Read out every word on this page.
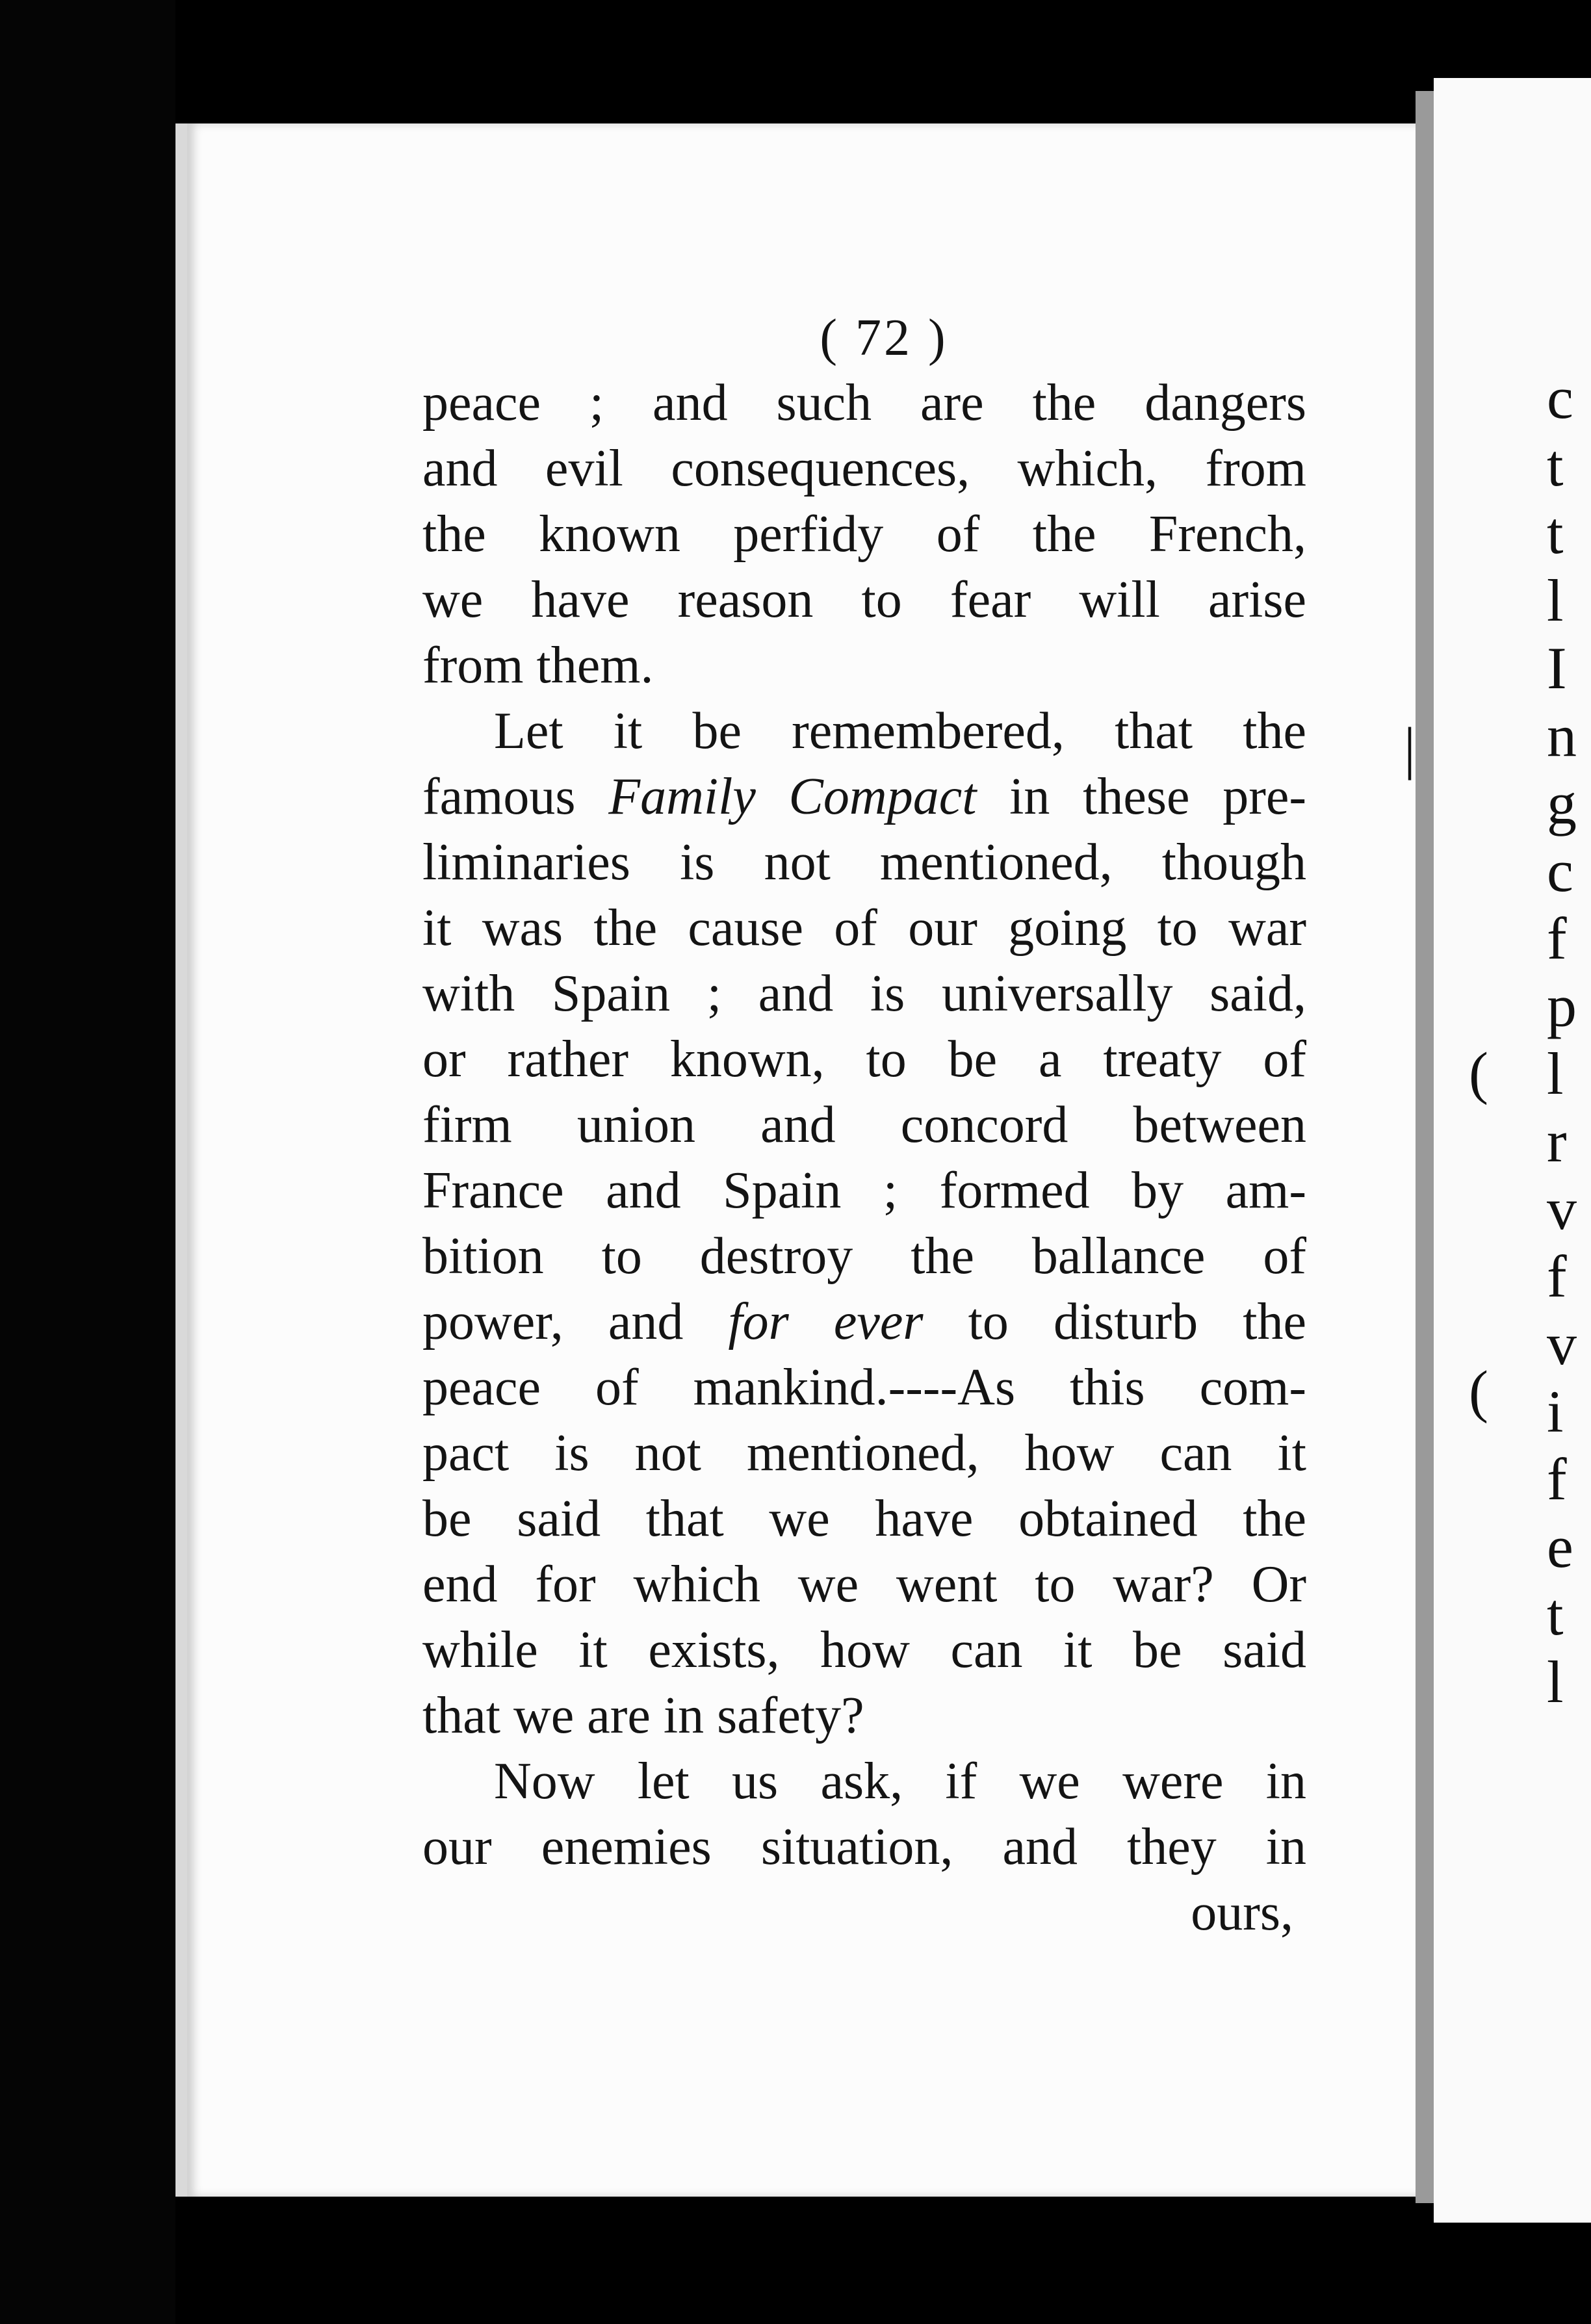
c
t
t
l
I
n
g
c
f
p
l
r
v
f
v
i
f
e
t
l
|
(
(
( 72 )
peace ; and such are the dangers
and evil consequences, which, from
the known perfidy of the French,
we have reason to fear will arise
from them.
Let it be remembered, that the
famous Family Compact in these pre-
liminaries is not mentioned, though
it was the cause of our going to war
with Spain ; and is universally said,
or rather known, to be a treaty of
firm union and concord between
France and Spain ; formed by am-
bition to destroy the ballance of
power, and for ever to disturb the
peace of mankind.----As this com-
pact is not mentioned, how can it
be said that we have obtained the
end for which we went to war? Or
while it exists, how can it be said
that we are in safety?
Now let us ask, if we were in
our enemies situation, and they in
ours,
